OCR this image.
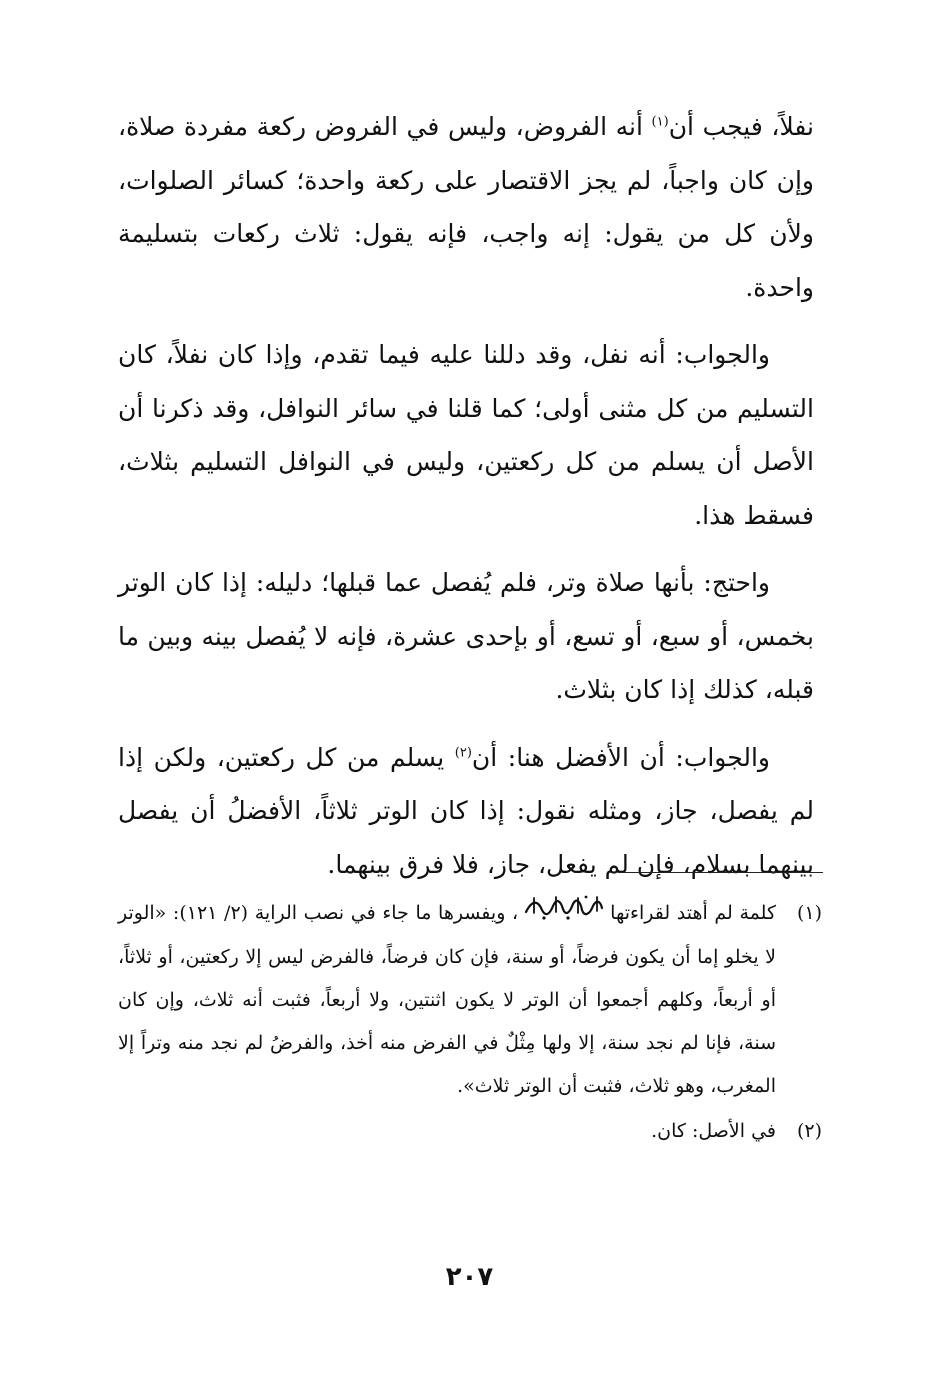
نفلاً، فيجب أن$^{(١)}$ أنه الفروض، وليس في الفروض ركعة مفردة صلاة، وإن كان واجباً، لم يجز الاقتصار على ركعة واحدة؛ كسائر الصلوات، ولأن كل من يقول: إنه واجب، فإنه يقول: ثلاث ركعات بتسليمة واحدة.

والجواب: أنه نفل، وقد دللنا عليه فيما تقدم، وإذا كان نفلاً، كان التسليم من كل مثنى أولى؛ كما قلنا في سائر النوافل، وقد ذكرنا أن الأصل أن يسلم من كل ركعتين، وليس في النوافل التسليم بثلاث، فسقط هذا.

واحتج: بأنها صلاة وتر، فلم يُفصل عما قبلها؛ دليله: إذا كان الوتر بخمس، أو سبع، أو تسع، أو بإحدى عشرة، فإنه لا يُفصل بينه وبين ما قبله، كذلك إذا كان بثلاث.

والجواب: أن الأفضل هنا: أن$^{(٢)}$ يسلم من كل ركعتين، ولكن إذا لم يفصل، جاز، ومثله نقول: إذا كان الوتر ثلاثاً، الأفضلُ أن يفصل بينهما بسلام، فإن لم يفعل، جاز، فلا فرق بينهما.

(١)
كلمة لم أهتد لقراءتها، ويفسرها ما جاء في نصب الراية (٢/ ١٢١): «الوتر لا يخلو إما أن يكون فرضاً، أو سنة، فإن كان فرضاً، فالفرض ليس إلا ركعتين، أو ثلاثاً، أو أربعاً، وكلهم أجمعوا أن الوتر لا يكون اثنتين، ولا أربعاً، فثبت أنه ثلاث، وإن كان سنة، فإنا لم نجد سنة، إلا ولها مِثْلٌ في الفرض منه أخذ، والفرضُ لم نجد منه وتراً إلا المغرب، وهو ثلاث، فثبت أن الوتر ثلاث».
(٢)
في الأصل: كان.
٢٠٧
